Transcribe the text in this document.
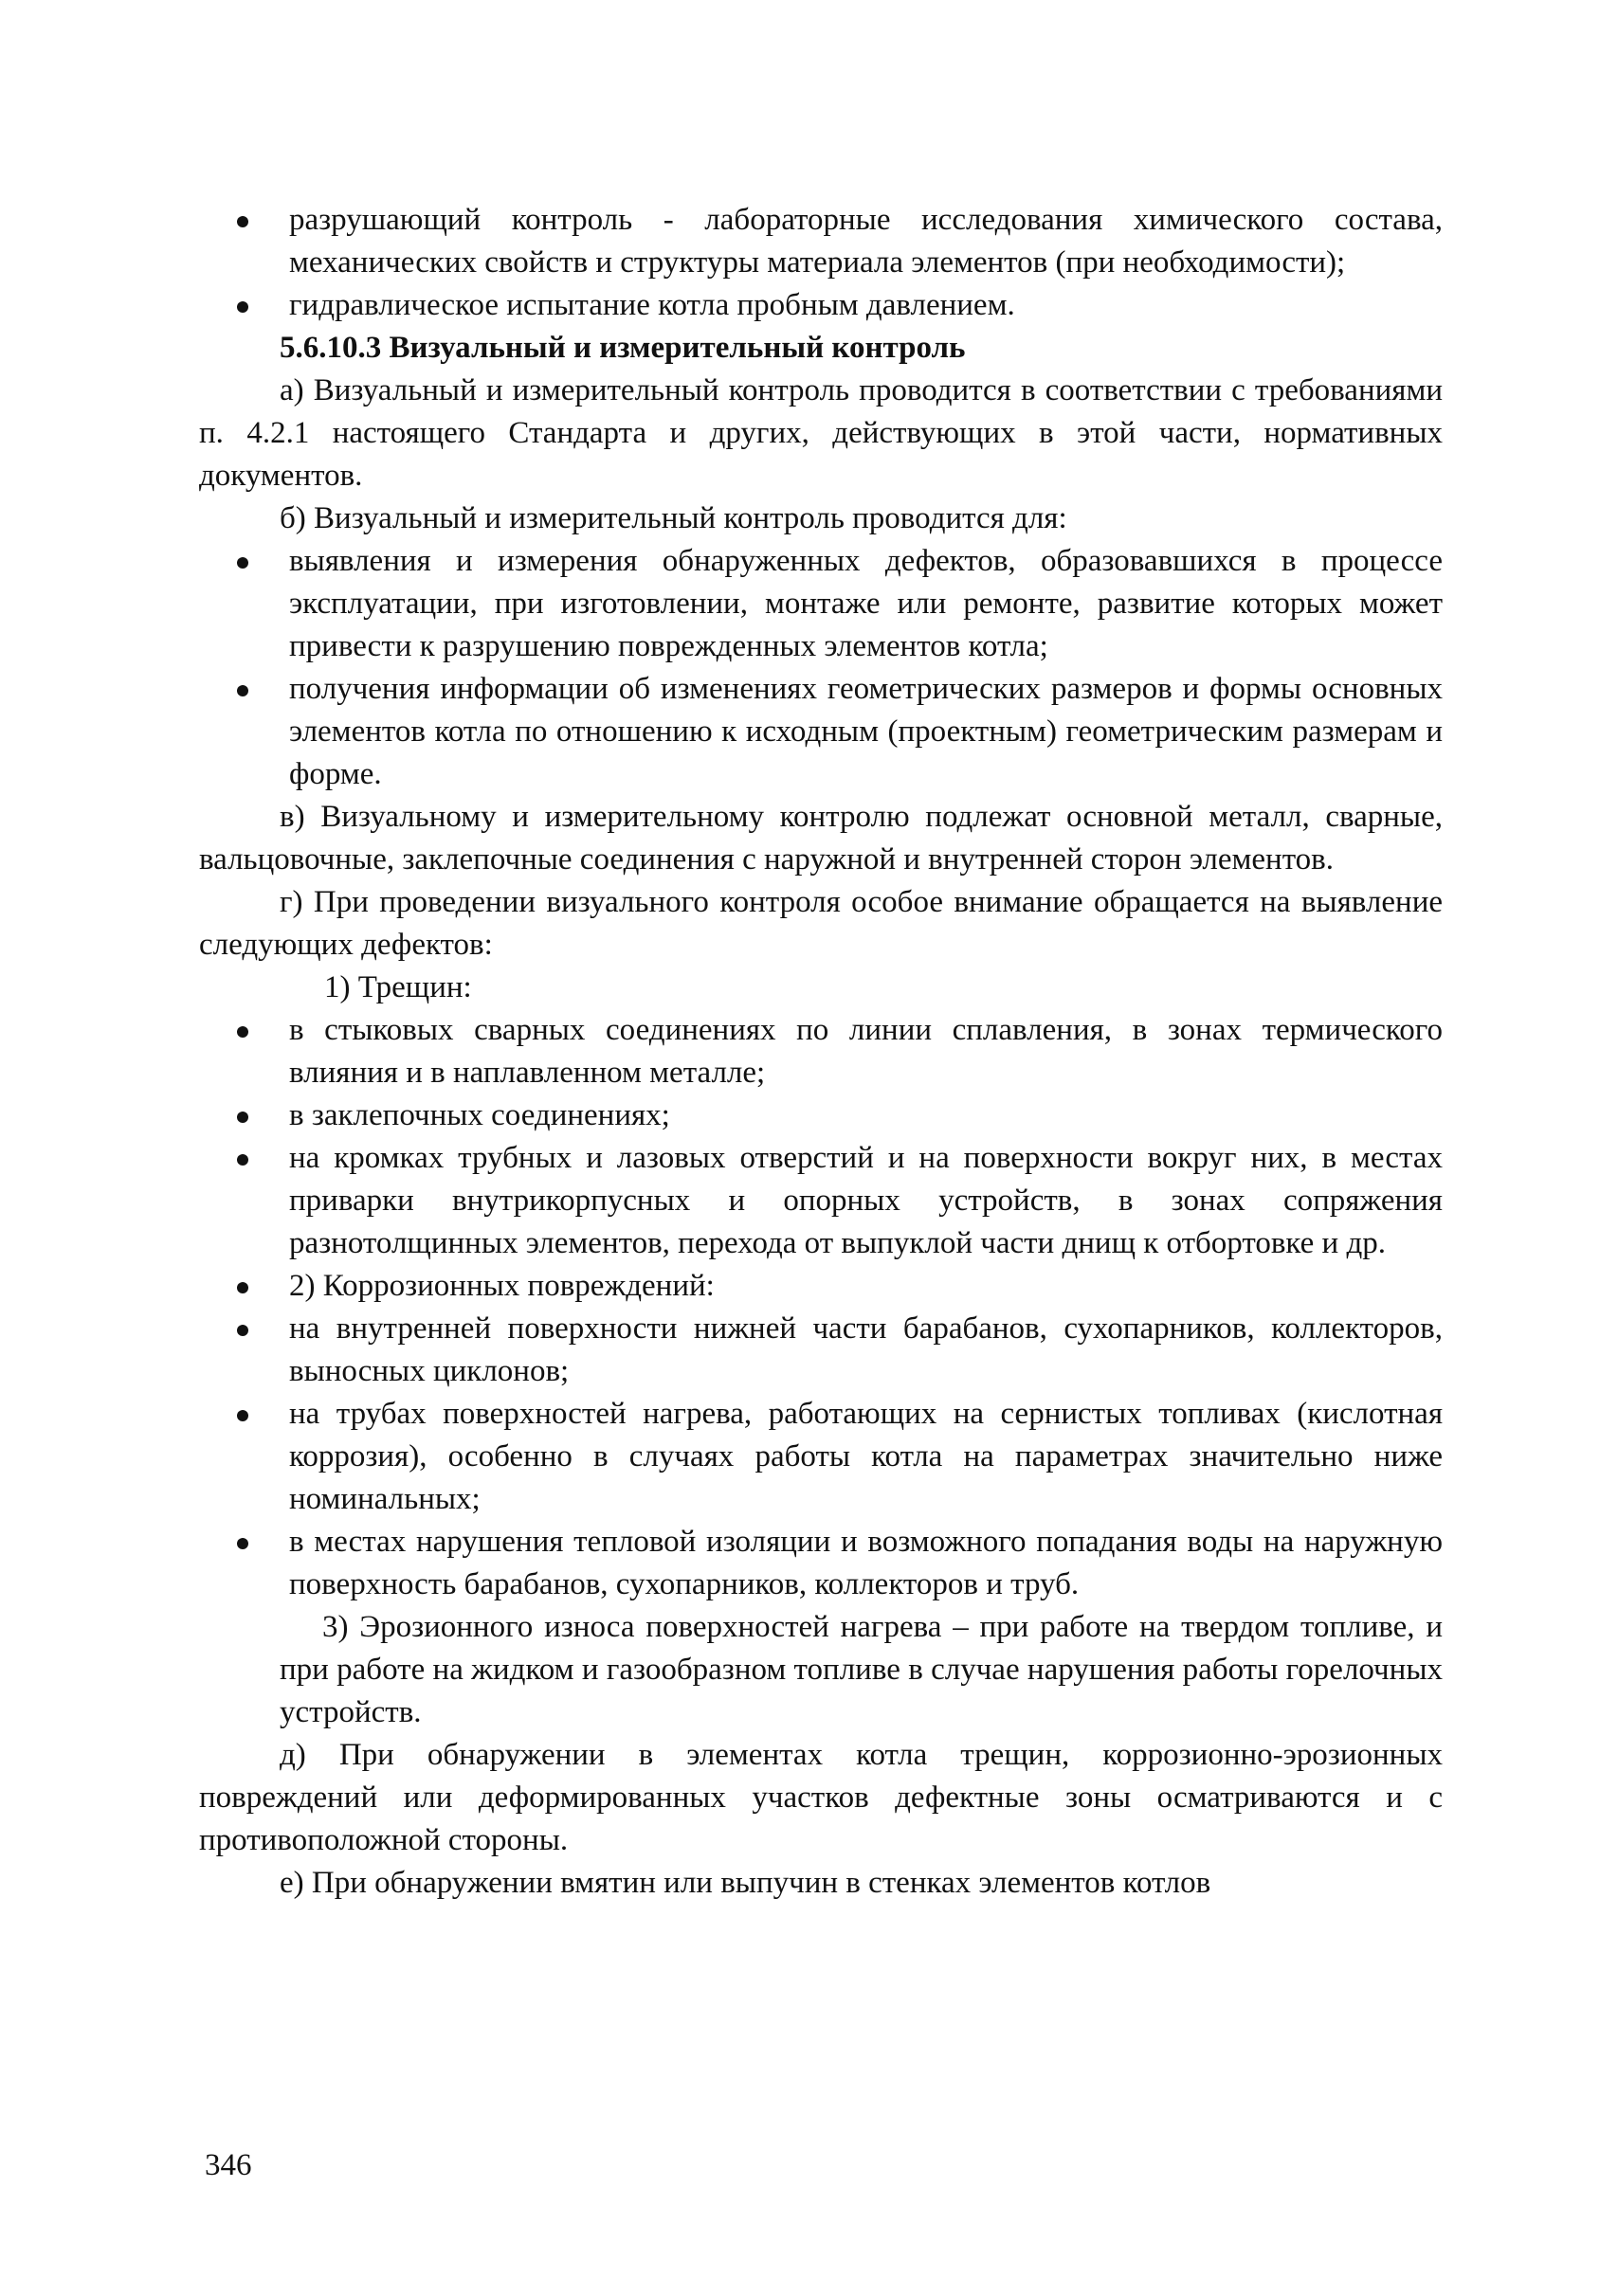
разрушающий контроль - лабораторные исследования химического состава, механических свойств и структуры материала элементов (при необходимости);
гидравлическое испытание котла пробным давлением.

5.6.10.3 Визуальный и измерительный контроль

а) Визуальный и измерительный контроль проводится в соответствии с требованиями п. 4.2.1 настоящего Стандарта и других, действующих в этой части, нормативных документов.

б) Визуальный и измерительный контроль проводится для:

выявления и измерения обнаруженных дефектов, образовавшихся в процессе эксплуатации, при изготовлении, монтаже или ремонте, развитие которых может привести к разрушению поврежденных элементов котла;
получения информации об изменениях геометрических размеров и формы основных элементов котла по отношению к исходным (проектным) геометрическим размерам и форме.

в) Визуальному и измерительному контролю подлежат основной металл, сварные, вальцовочные, заклепочные соединения с наружной и внутренней сторон элементов.

г) При проведении визуального контроля особое внимание обращается на выявление следующих дефектов:

1) Трещин:

в стыковых сварных соединениях по линии сплавления, в зонах термического влияния и в наплавленном металле;
в заклепочных соединениях;
на кромках трубных и лазовых отверстий и на поверхности вокруг них, в местах приварки внутрикорпусных и опорных устройств, в зонах сопряжения разнотолщинных элементов, перехода от выпуклой части днищ к отбортовке и др.
2) Коррозионных повреждений:
на внутренней поверхности нижней части барабанов, сухопарников, коллекторов, выносных циклонов;
на трубах поверхностей нагрева, работающих на сернистых топливах (кислотная коррозия), особенно в случаях работы котла на параметрах значительно ниже номинальных;
в местах нарушения тепловой изоляции и возможного попадания воды на наружную поверхность барабанов, сухопарников, коллекторов и труб.

3) Эрозионного износа поверхностей нагрева – при работе на твердом топливе, и при работе на жидком и газообразном топливе в случае нарушения работы горелочных устройств.

д) При обнаружении в элементах котла трещин, коррозионно-эрозионных повреждений или деформированных участков дефектные зоны осматриваются и с противоположной стороны.

е) При обнаружении вмятин или выпучин в стенках элементов котлов

346
